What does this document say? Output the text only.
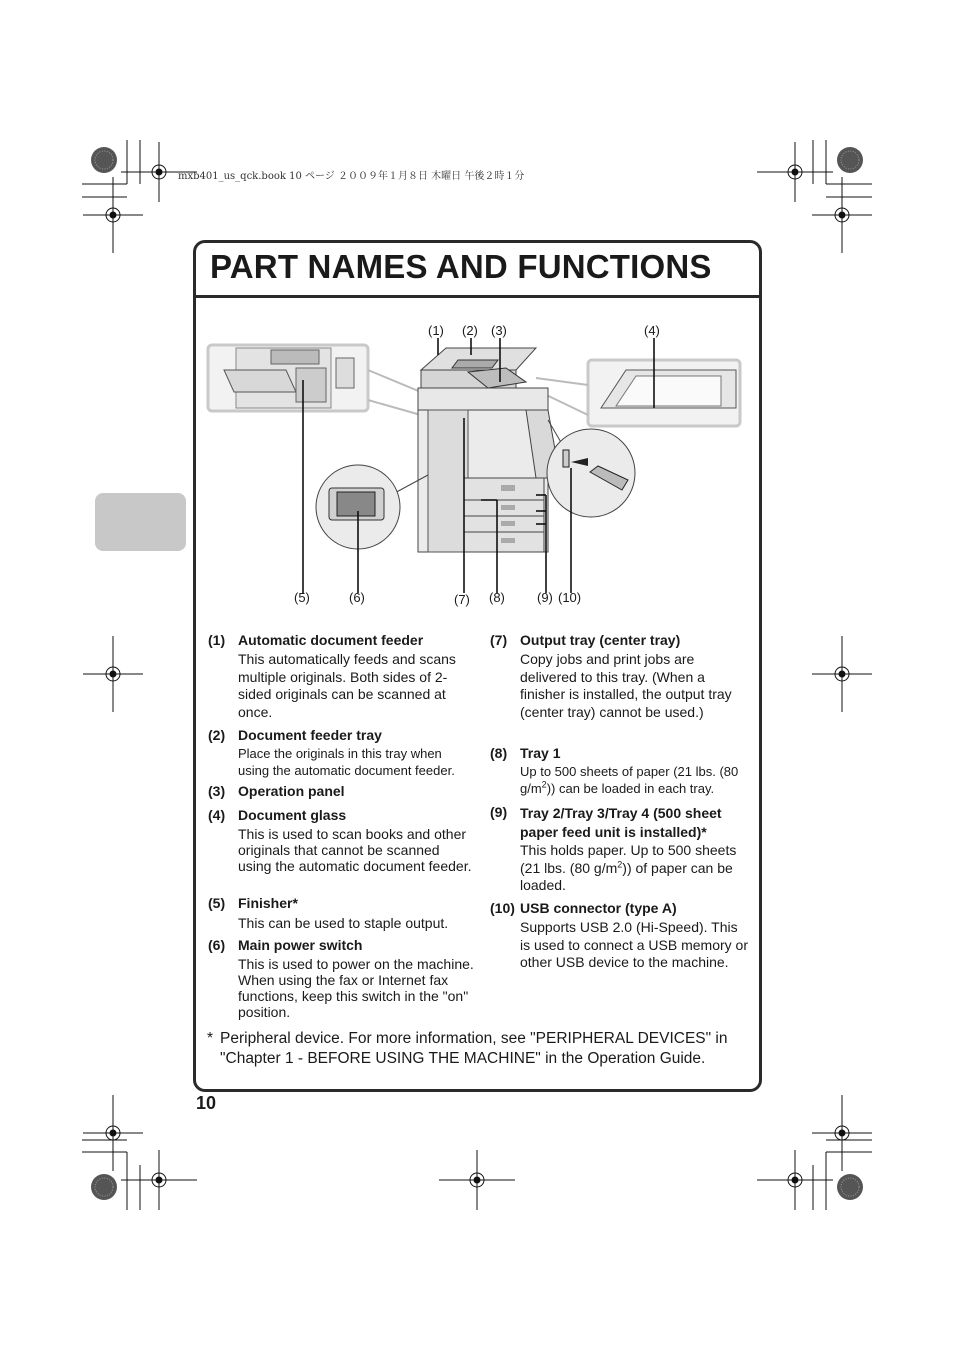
mxb401_us_qck.book 10 ページ ２００９年１月８日 木曜日 午後２時１分
PART NAMES AND FUNCTIONS
(1) (2) (3)	(4)
(5)	(6)	(7) (8) (9) (10)
(1) Automatic document feeder
This automatically feeds and scans multiple originals. Both sides of 2-sided originals can be scanned at once.
(2) Document feeder tray
Place the originals in this tray when using the automatic document feeder.
(3) Operation panel
(4) Document glass
This is used to scan books and other originals that cannot be scanned using the automatic document feeder.
(5) Finisher*
This can be used to staple output.
(6) Main power switch
This is used to power on the machine. When using the fax or Internet fax functions, keep this switch in the "on" position.
(7) Output tray (center tray)
Copy jobs and print jobs are delivered to this tray. (When a finisher is installed, the output tray (center tray) cannot be used.)
(8) Tray 1
Up to 500 sheets of paper (21 lbs. (80 $g/m^2$)) can be loaded in each tray.
(9) Tray 2/Tray 3/Tray 4 (500 sheet paper feed unit is installed)*
This holds paper. Up to 500 sheets (21 lbs. (80 $g/m^2$)) of paper can be loaded.
(10) USB connector (type A)
Supports USB 2.0 (Hi-Speed). This is used to connect a USB memory or other USB device to the machine.
* Peripheral device. For more information, see "PERIPHERAL DEVICES" in "Chapter 1 - BEFORE USING THE MACHINE" in the Operation Guide.
10
